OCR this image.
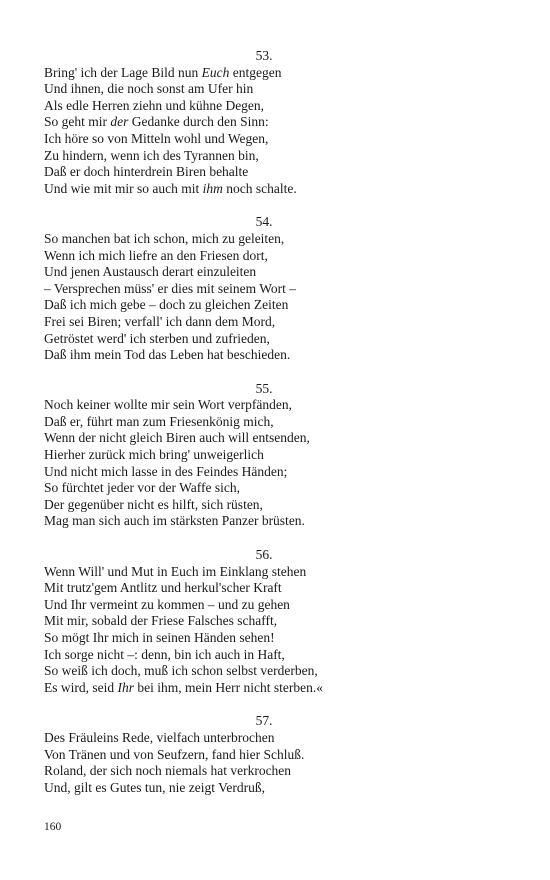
53.
Bring' ich der Lage Bild nun Euch entgegen
Und ihnen, die noch sonst am Ufer hin
Als edle Herren ziehn und kühne Degen,
So geht mir der Gedanke durch den Sinn:
Ich höre so von Mitteln wohl und Wegen,
Zu hindern, wenn ich des Tyrannen bin,
Daß er doch hinterdrein Biren behalte
Und wie mit mir so auch mit ihm noch schalte.
54.
So manchen bat ich schon, mich zu geleiten,
Wenn ich mich liefre an den Friesen dort,
Und jenen Austausch derart einzuleiten
– Versprechen müss' er dies mit seinem Wort –
Daß ich mich gebe – doch zu gleichen Zeiten
Frei sei Biren; verfall' ich dann dem Mord,
Getröstet werd' ich sterben und zufrieden,
Daß ihm mein Tod das Leben hat beschieden.
55.
Noch keiner wollte mir sein Wort verpfänden,
Daß er, führt man zum Friesenkönig mich,
Wenn der nicht gleich Biren auch will entsenden,
Hierher zurück mich bring' unweigerlich
Und nicht mich lasse in des Feindes Händen;
So fürchtet jeder vor der Waffe sich,
Der gegenüber nicht es hilft, sich rüsten,
Mag man sich auch im stärksten Panzer brüsten.
56.
Wenn Will' und Mut in Euch im Einklang stehen
Mit trutz'gem Antlitz und herkul'scher Kraft
Und Ihr vermeint zu kommen – und zu gehen
Mit mir, sobald der Friese Falsches schafft,
So mögt Ihr mich in seinen Händen sehen!
Ich sorge nicht –: denn, bin ich auch in Haft,
So weiß ich doch, muß ich schon selbst verderben,
Es wird, seid Ihr bei ihm, mein Herr nicht sterben.«
57.
Des Fräuleins Rede, vielfach unterbrochen
Von Tränen und von Seufzern, fand hier Schluß.
Roland, der sich noch niemals hat verkrochen
Und, gilt es Gutes tun, nie zeigt Verdruß,
160
